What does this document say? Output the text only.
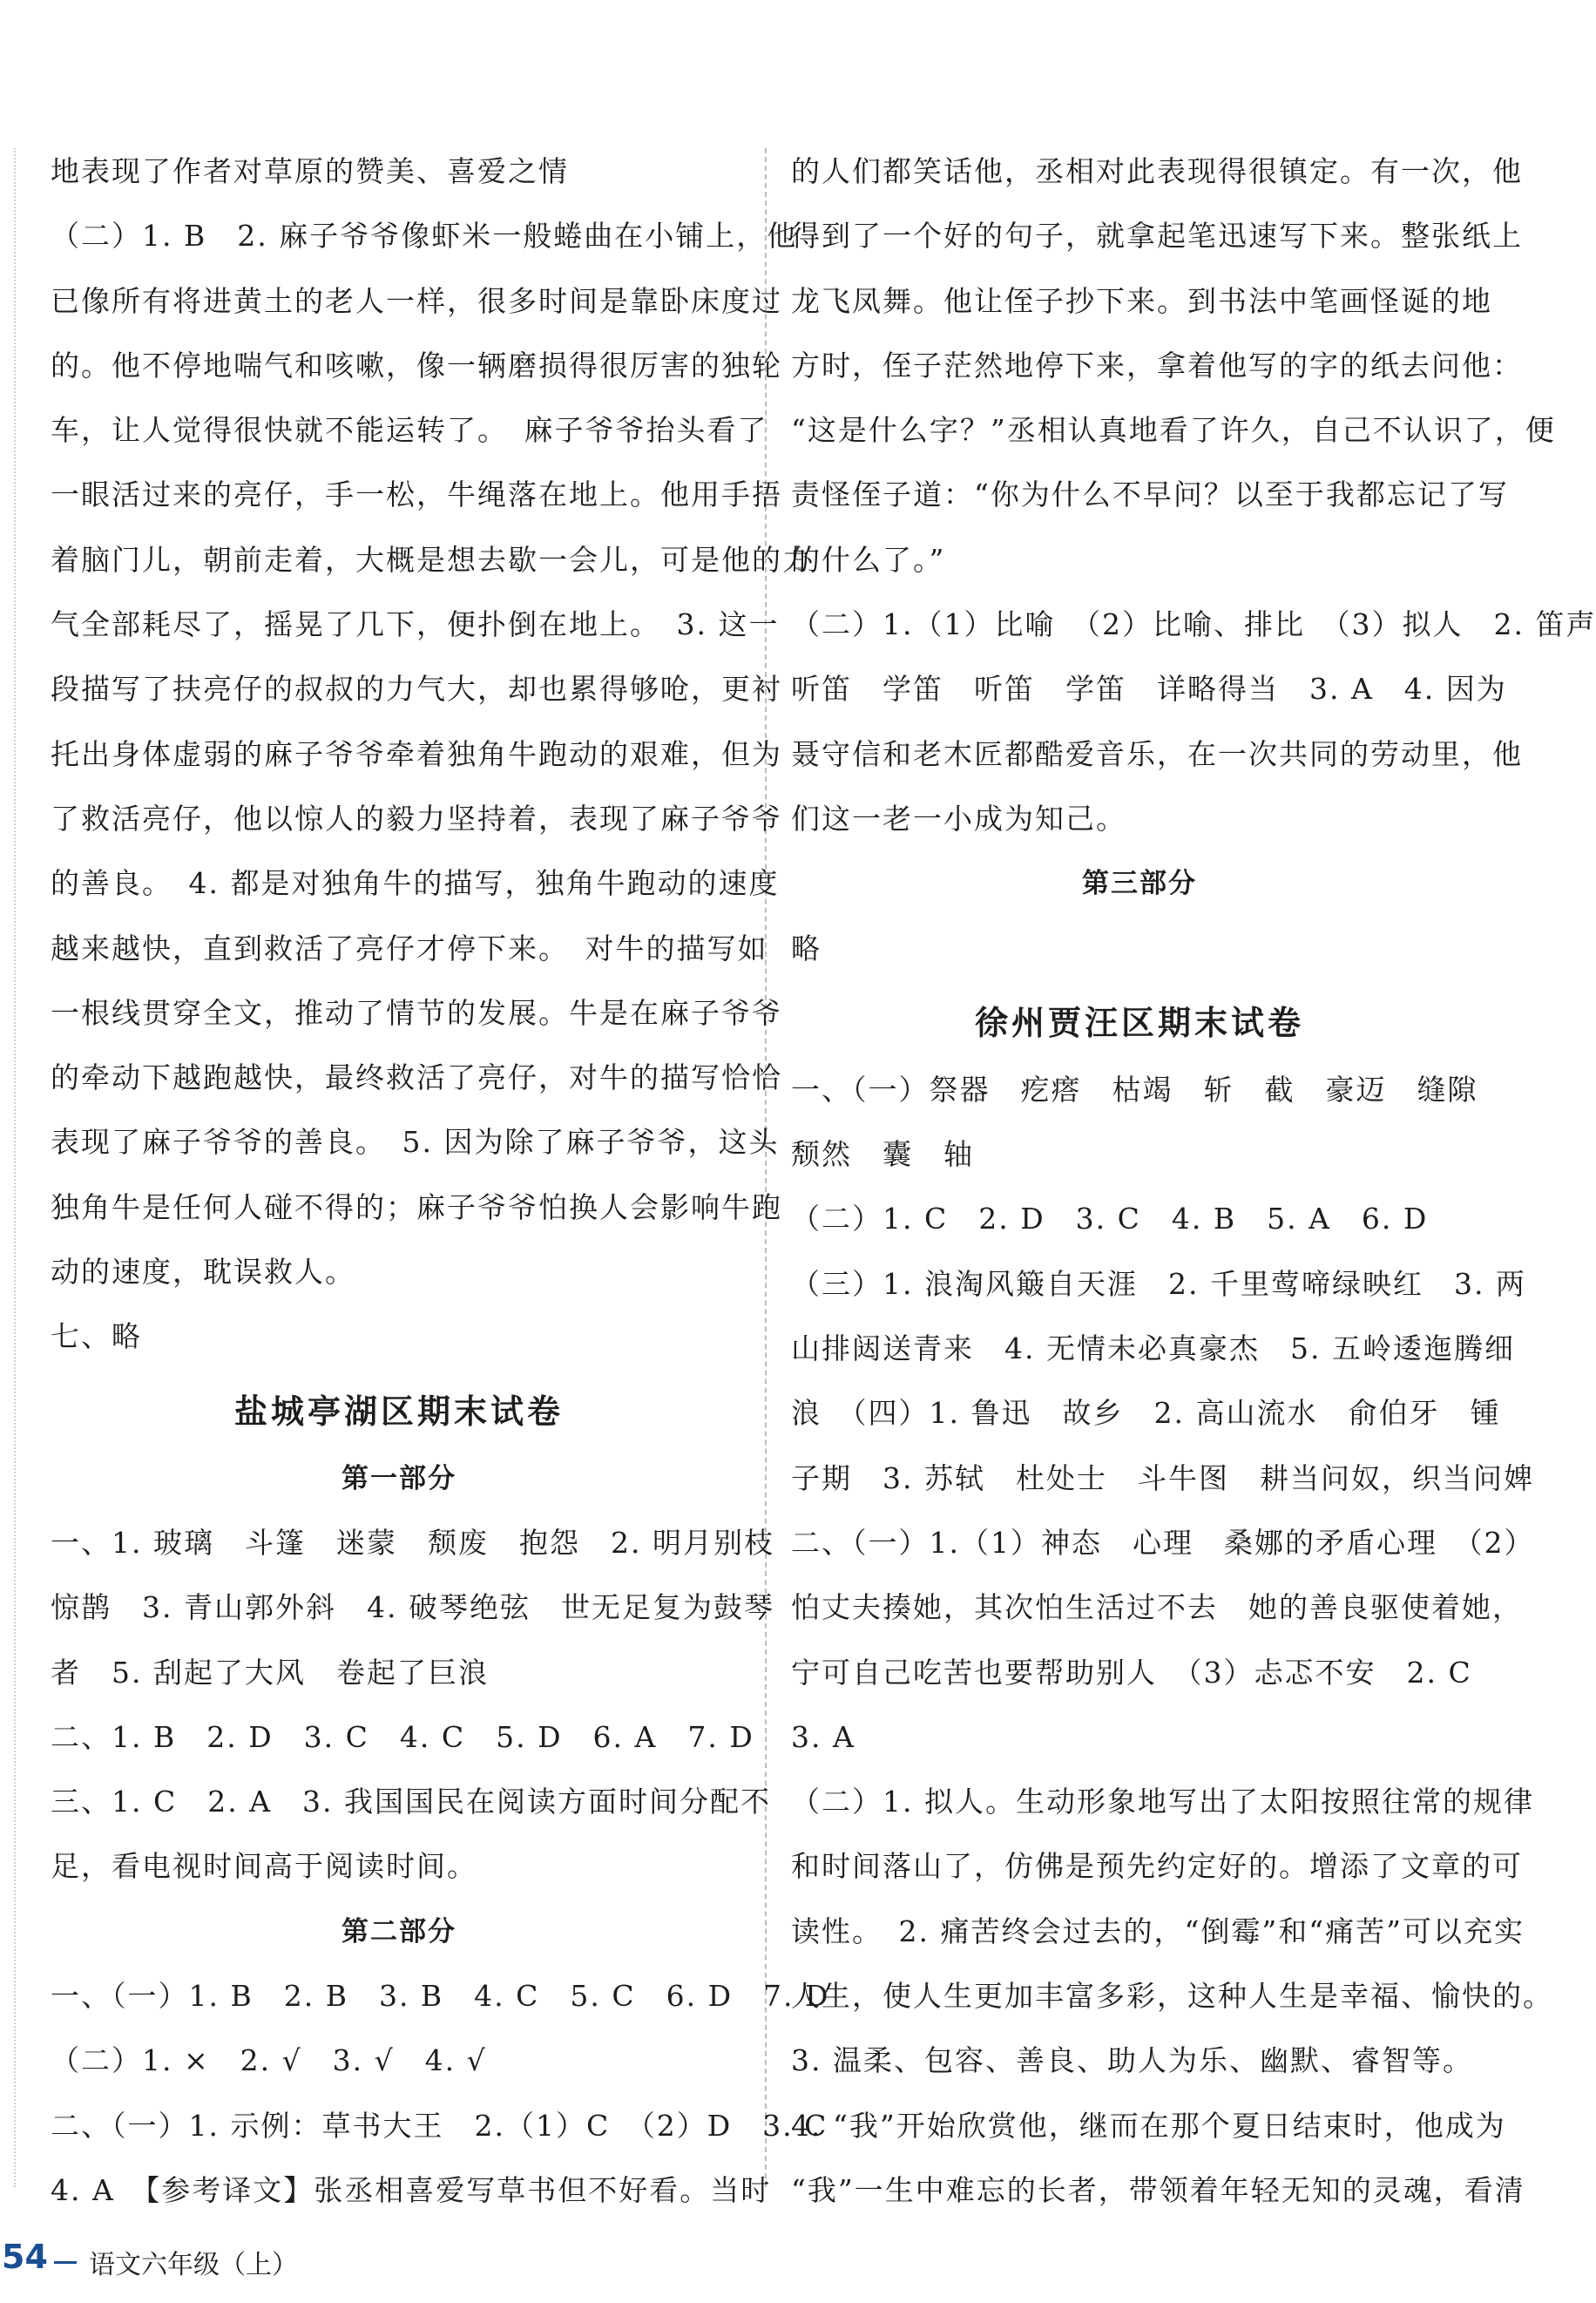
地表现了作者对草原的赞美、喜爱之情
（二）1. B　2. 麻子爷爷像虾米一般蜷曲在小铺上，他
已像所有将进黄土的老人一样，很多时间是靠卧床度过
的。他不停地喘气和咳嗽，像一辆磨损得很厉害的独轮
车，让人觉得很快就不能运转了。　麻子爷爷抬头看了
一眼活过来的亮仔，手一松，牛绳落在地上。他用手捂
着脑门儿，朝前走着，大概是想去歇一会儿，可是他的力
气全部耗尽了，摇晃了几下，便扑倒在地上。　3. 这一
段描写了扶亮仔的叔叔的力气大，却也累得够呛，更衬
托出身体虚弱的麻子爷爷牵着独角牛跑动的艰难，但为
了救活亮仔，他以惊人的毅力坚持着，表现了麻子爷爷
的善良。　4. 都是对独角牛的描写，独角牛跑动的速度
越来越快，直到救活了亮仔才停下来。　对牛的描写如
一根线贯穿全文，推动了情节的发展。牛是在麻子爷爷
的牵动下越跑越快，最终救活了亮仔，对牛的描写恰恰
表现了麻子爷爷的善良。　5. 因为除了麻子爷爷，这头
独角牛是任何人碰不得的；麻子爷爷怕换人会影响牛跑
动的速度，耽误救人。
七、略
盐城亭湖区期末试卷
第一部分
一、1. 玻璃　斗篷　迷蒙　颓废　抱怨　2. 明月别枝
惊鹊　3. 青山郭外斜　4. 破琴绝弦　世无足复为鼓琴
者　5. 刮起了大风　卷起了巨浪
二、1. B　2. D　3. C　4. C　5. D　6. A　7. D
三、1. C　2. A　3. 我国国民在阅读方面时间分配不
足，看电视时间高于阅读时间。
第二部分
一、（一）1. B　2. B　3. B　4. C　5. C　6. D　7. D
（二）1. ×　2. √　3. √　4. √
二、（一）1. 示例：草书大王　2.（1）C　（2）D　3. C
4. A　【参考译文】张丞相喜爱写草书但不好看。当时
的人们都笑话他，丞相对此表现得很镇定。有一次，他
得到了一个好的句子，就拿起笔迅速写下来。整张纸上
龙飞凤舞。他让侄子抄下来。到书法中笔画怪诞的地
方时，侄子茫然地停下来，拿着他写的字的纸去问他：
“这是什么字？”丞相认真地看了许久，自己不认识了，便
责怪侄子道：“你为什么不早问？以至于我都忘记了写
的什么了。”
（二）1.（1）比喻　（2）比喻、排比　（3）拟人　2. 笛声
听笛　学笛　听笛　学笛　详略得当　3. A　4. 因为
聂守信和老木匠都酷爱音乐，在一次共同的劳动里，他
们这一老一小成为知己。
第三部分
略
徐州贾汪区期末试卷
一、（一）祭器　疙瘩　枯竭　斩　截　豪迈　缝隙
颓然　囊　轴
（二）1. C　2. D　3. C　4. B　5. A　6. D
（三）1. 浪淘风簸自天涯　2. 千里莺啼绿映红　3. 两
山排闼送青来　4. 无情未必真豪杰　5. 五岭逶迤腾细
浪　（四）1. 鲁迅　故乡　2. 高山流水　俞伯牙　锺
子期　3. 苏轼　杜处士　斗牛图　耕当问奴，织当问婢
二、（一）1.（1）神态　心理　桑娜的矛盾心理　（2）
怕丈夫揍她，其次怕生活过不去　她的善良驱使着她，
宁可自己吃苦也要帮助别人　（3）忐忑不安　2. C
3. A
（二）1. 拟人。生动形象地写出了太阳按照往常的规律
和时间落山了，仿佛是预先约定好的。增添了文章的可
读性。　2. 痛苦终会过去的，“倒霉”和“痛苦”可以充实
人生，使人生更加丰富多彩，这种人生是幸福、愉快的。
3. 温柔、包容、善良、助人为乐、幽默、睿智等。
4. “我”开始欣赏他，继而在那个夏日结束时，他成为
“我”一生中难忘的长者，带领着年轻无知的灵魂，看清
54 语文六年级（上）
